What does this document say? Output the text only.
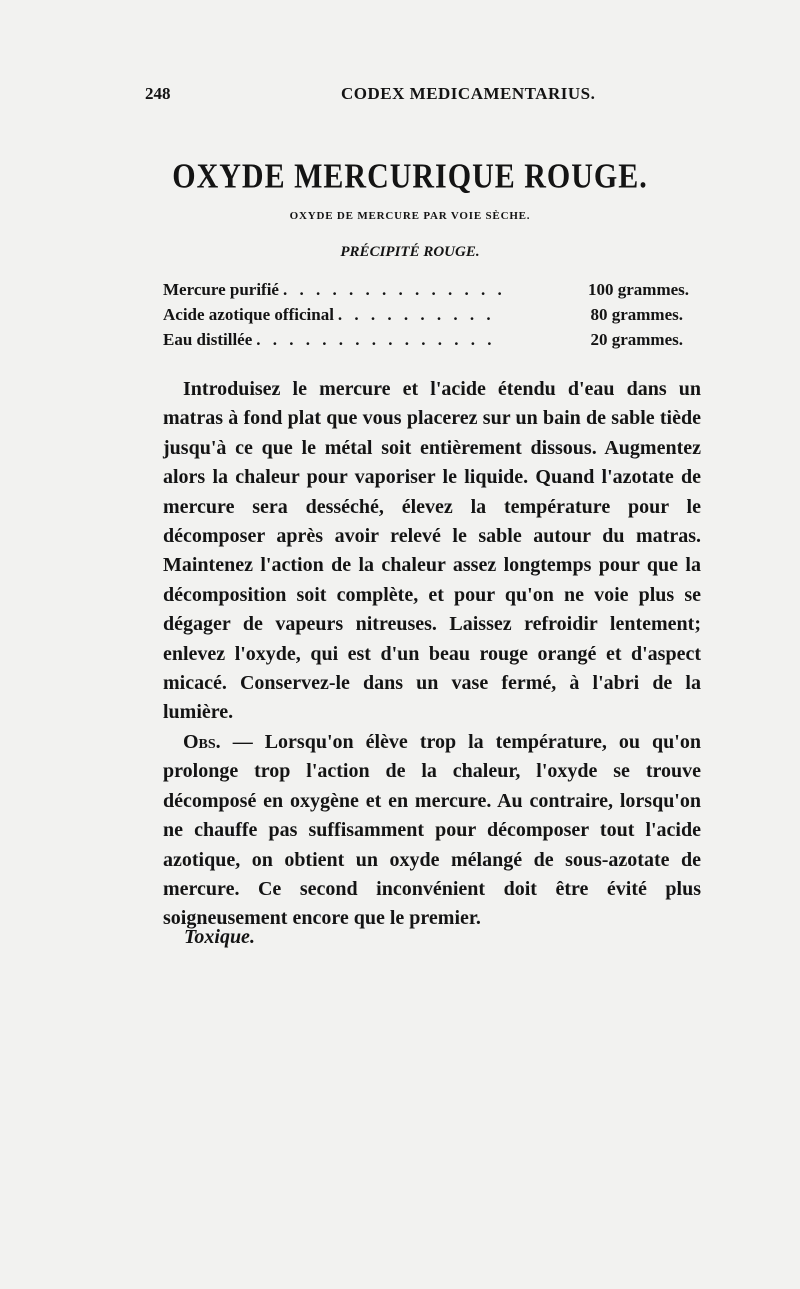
248	CODEX MEDICAMENTARIUS.
OXYDE MERCURIQUE ROUGE.
OXYDE DE MERCURE PAR VOIE SÈCHE.
PRÉCIPITÉ ROUGE.
Mercure purifié . . . . . . . . . . . . . .	100 grammes.
Acide azotique officinal . . . . . . . . . .	80 grammes.
Eau distillée . . . . . . . . . . . . . . .	20 grammes.

Introduisez le mercure et l'acide étendu d'eau dans un matras à fond plat que vous placerez sur un bain de sable tiède jusqu'à ce que le métal soit entièrement dissous. Augmentez alors la chaleur pour vaporiser le liquide. Quand l'azotate de mercure sera desséché, élevez la température pour le décomposer après avoir relevé le sable autour du matras. Maintenez l'action de la chaleur assez longtemps pour que la décomposition soit complète, et pour qu'on ne voie plus se dégager de vapeurs nitreuses. Laissez refroidir lentement; enlevez l'oxyde, qui est d'un beau rouge orangé et d'aspect micacé. Conservez-le dans un vase fermé, à l'abri de la lumière.

Obs. — Lorsqu'on élève trop la température, ou qu'on prolonge trop l'action de la chaleur, l'oxyde se trouve décomposé en oxygène et en mercure. Au contraire, lorsqu'on ne chauffe pas suffisamment pour décomposer tout l'acide azotique, on obtient un oxyde mélangé de sous-azotate de mercure. Ce second inconvénient doit être évité plus soigneusement encore que le premier.

Toxique.
